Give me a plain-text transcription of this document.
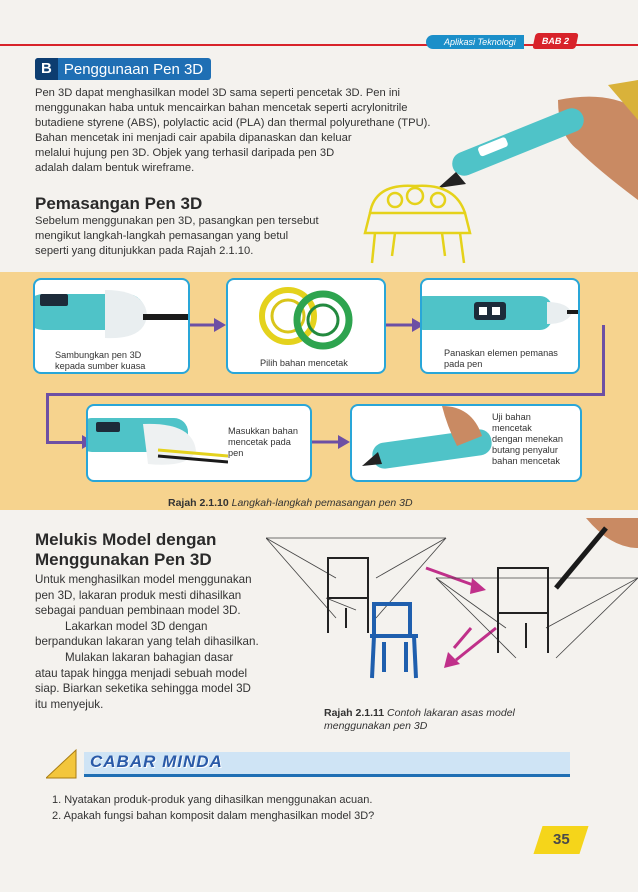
Aplikasi Teknologi	BAB 2
B Penggunaan Pen 3D
Pen 3D dapat menghasilkan model 3D sama seperti pencetak 3D. Pen ini
menggunakan haba untuk mencairkan bahan mencetak seperti acrylonitrile
butadiene styrene (ABS), polylactic acid (PLA) dan thermal polyurethane (TPU).
Bahan mencetak ini menjadi cair apabila dipanaskan dan keluar
melalui hujung pen 3D. Objek yang terhasil daripada pen 3D
adalah dalam bentuk wireframe.
Pemasangan Pen 3D
Sebelum menggunakan pen 3D, pasangkan pen tersebut
mengikut langkah-langkah pemasangan yang betul
seperti yang ditunjukkan pada Rajah 2.1.10.
Sambungkan pen 3D
kepada sumber kuasa	Pilih bahan mencetak
Panaskan elemen pemanas
pada pen
Masukkan bahan
mencetak pada
pen
Uji bahan
mencetak
dengan menekan
butang penyalur
bahan mencetak
Rajah 2.1.10 Langkah-langkah pemasangan pen 3D
Melukis Model dengan
Menggunakan Pen 3D
Untuk menghasilkan model menggunakan
pen 3D, lakaran produk mesti dihasilkan
sebagai panduan pembinaan model 3D.
Lakarkan model 3D dengan
berpandukan lakaran yang telah dihasilkan.
Mulakan lakaran bahagian dasar
atau tapak hingga menjadi sebuah model
siap. Biarkan seketika sehingga model 3D
itu menyejuk.
Rajah 2.1.11 Contoh lakaran asas model
menggunakan pen 3D
CABAR MINDA
1. Nyatakan produk-produk yang dihasilkan menggunakan acuan.
2. Apakah fungsi bahan komposit dalam menghasilkan model 3D?
35
